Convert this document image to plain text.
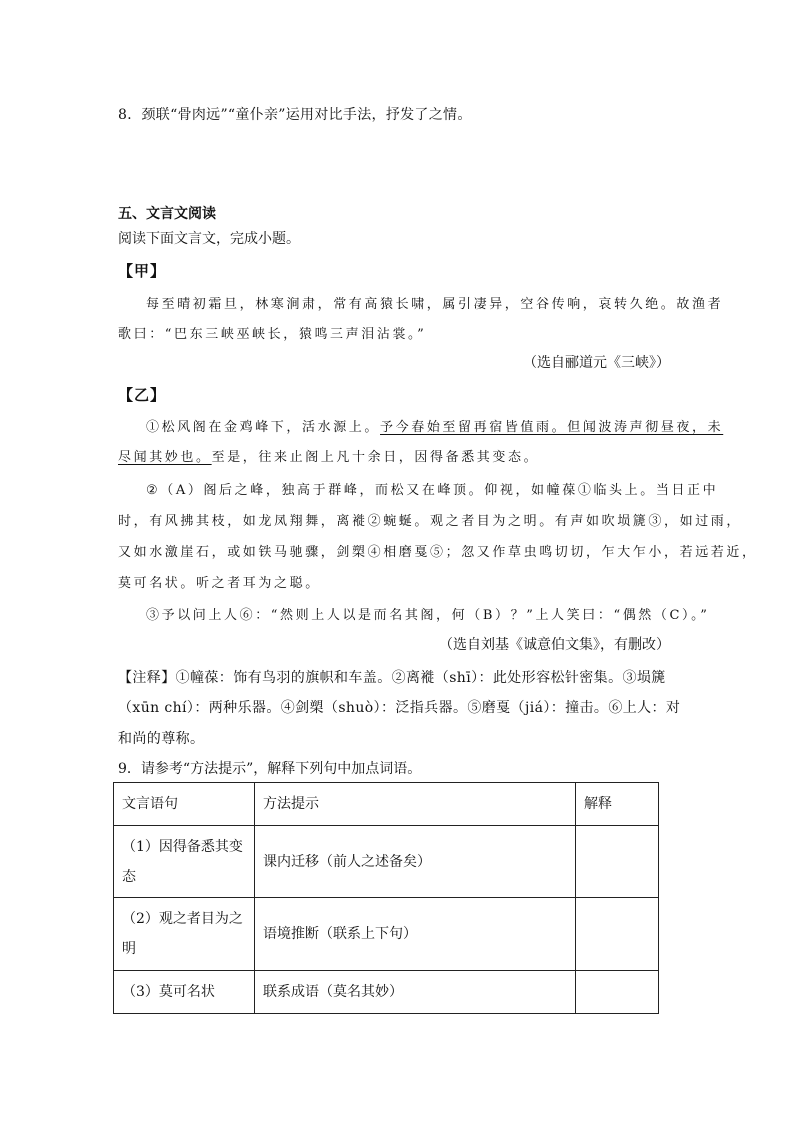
8．颈联“骨肉远”“童仆亲”运用对比手法，抒发了之情。
五、文言文阅读
阅读下面文言文，完成小题。
【甲】
每至晴初霜旦，林寒涧肃，常有高猿长啸，属引凄异，空谷传响，哀转久绝。故渔者
歌曰：“巴东三峡巫峡长，猿鸣三声泪沾裳。”
（选自郦道元《三峡》）
【乙】
①松风阁在金鸡峰下，活水源上。予今春始至留再宿皆值雨。但闻波涛声彻昼夜，未
尽闻其妙也。至是，往来止阁上凡十余日，因得备悉其变态。
②（A）阁后之峰，独高于群峰，而松又在峰顶。仰视，如幢葆①临头上。当日正中
时，有风拂其枝，如龙凤翔舞，离褷②蜿蜒。观之者目为之明。有声如吹埙篪③，如过雨，
又如水激崖石，或如铁马驰骤，剑槊④相磨戛⑤；忽又作草虫鸣切切，乍大乍小，若远若近，
莫可名状。听之者耳为之聪。
③予以问上人⑥：“然则上人以是而名其阁，何（B）？”上人笑曰：“偶然（C）。”
（选自刘基《诚意伯文集》，有删改）
【注释】①幢葆：饰有鸟羽的旗帜和车盖。②离褷（shī）：此处形容松针密集。③埙篪
（xūn chí）：两种乐器。④剑槊（shuò）：泛指兵器。⑤磨戛（jiá）：撞击。⑥上人：对
和尚的尊称。
9．请参考“方法提示”，解释下列句中加点词语。
文言语句	方法提示	解释
（1）因得备悉其变
态	课内迁移（前人之述备矣）	
（2）观之者目为之
明	语境推断（联系上下句）	
（3）莫可名状	联系成语（莫名其妙）	
